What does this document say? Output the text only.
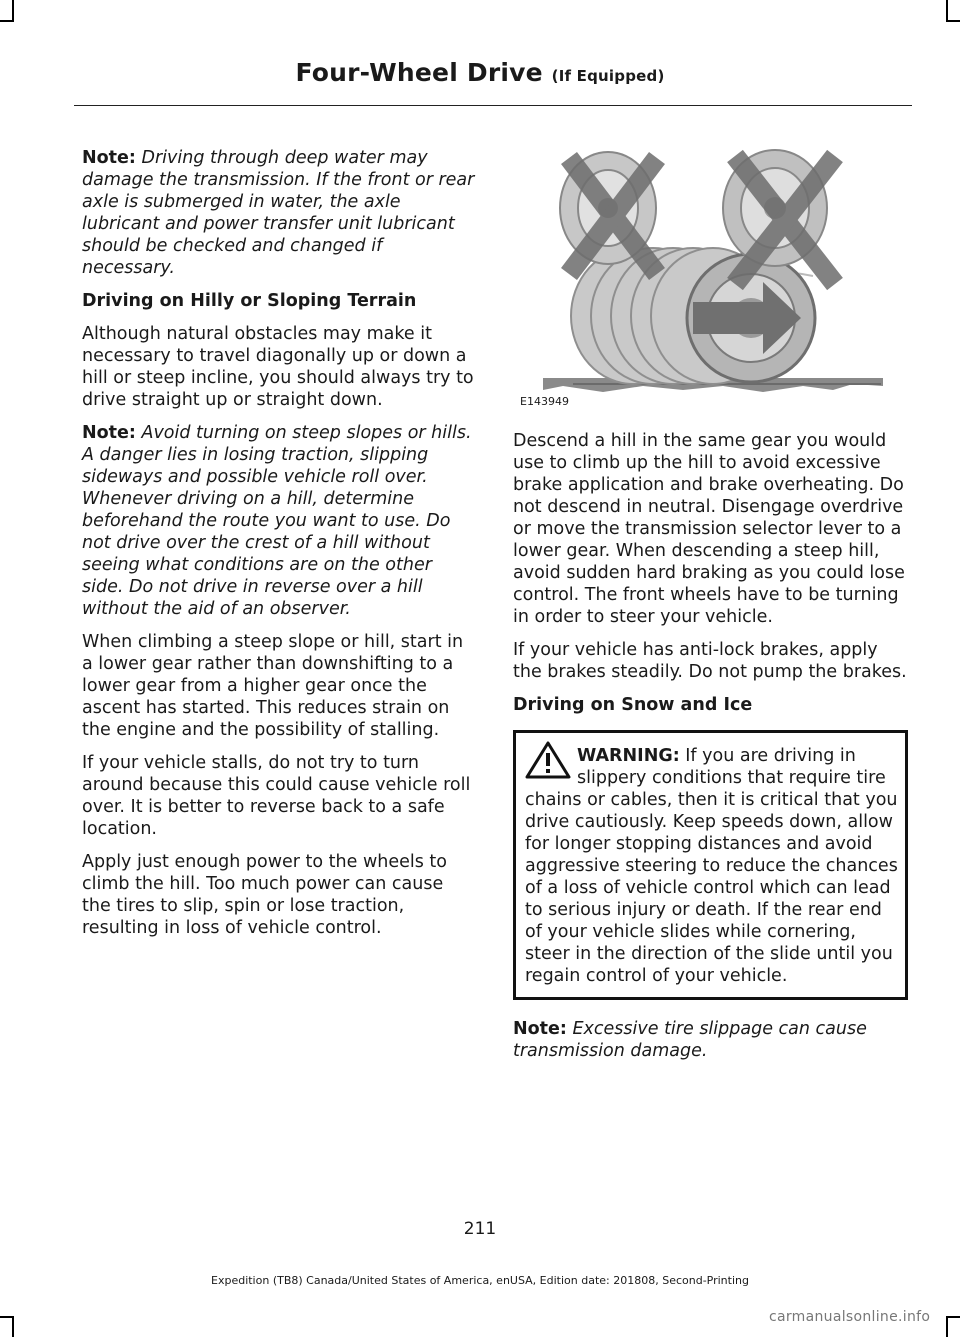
Four-Wheel Drive (If Equipped)

Note: Driving through deep water may damage the transmission. If the front or rear axle is submerged in water, the axle lubricant and power transfer unit lubricant should be checked and changed if necessary.

Driving on Hilly or Sloping Terrain

Although natural obstacles may make it necessary to travel diagonally up or down a hill or steep incline, you should always try to drive straight up or straight down.

Note: Avoid turning on steep slopes or hills. A danger lies in losing traction, slipping sideways and possible vehicle roll over. Whenever driving on a hill, determine beforehand the route you want to use. Do not drive over the crest of a hill without seeing what conditions are on the other side. Do not drive in reverse over a hill without the aid of an observer.

When climbing a steep slope or hill, start in a lower gear rather than downshifting to a lower gear from a higher gear once the ascent has started. This reduces strain on the engine and the possibility of stalling.

If your vehicle stalls, do not try to turn around because this could cause vehicle roll over. It is better to reverse back to a safe location.

Apply just enough power to the wheels to climb the hill. Too much power can cause the tires to slip, spin or lose traction, resulting in loss of vehicle control.

E143949

Descend a hill in the same gear you would use to climb up the hill to avoid excessive brake application and brake overheating. Do not descend in neutral. Disengage overdrive or move the transmission selector lever to a lower gear. When descending a steep hill, avoid sudden hard braking as you could lose control. The front wheels have to be turning in order to steer your vehicle.

If your vehicle has anti-lock brakes, apply the brakes steadily. Do not pump the brakes.

Driving on Snow and Ice

WARNING: If you are driving in slippery conditions that require tire chains or cables, then it is critical that you drive cautiously. Keep speeds down, allow for longer stopping distances and avoid aggressive steering to reduce the chances of a loss of vehicle control which can lead to serious injury or death. If the rear end of your vehicle slides while cornering, steer in the direction of the slide until you regain control of your vehicle.

Note: Excessive tire slippage can cause transmission damage.

211
Expedition (TB8) Canada/United States of America, enUSA, Edition date: 201808, Second-Printing
carmanualsonline.info
